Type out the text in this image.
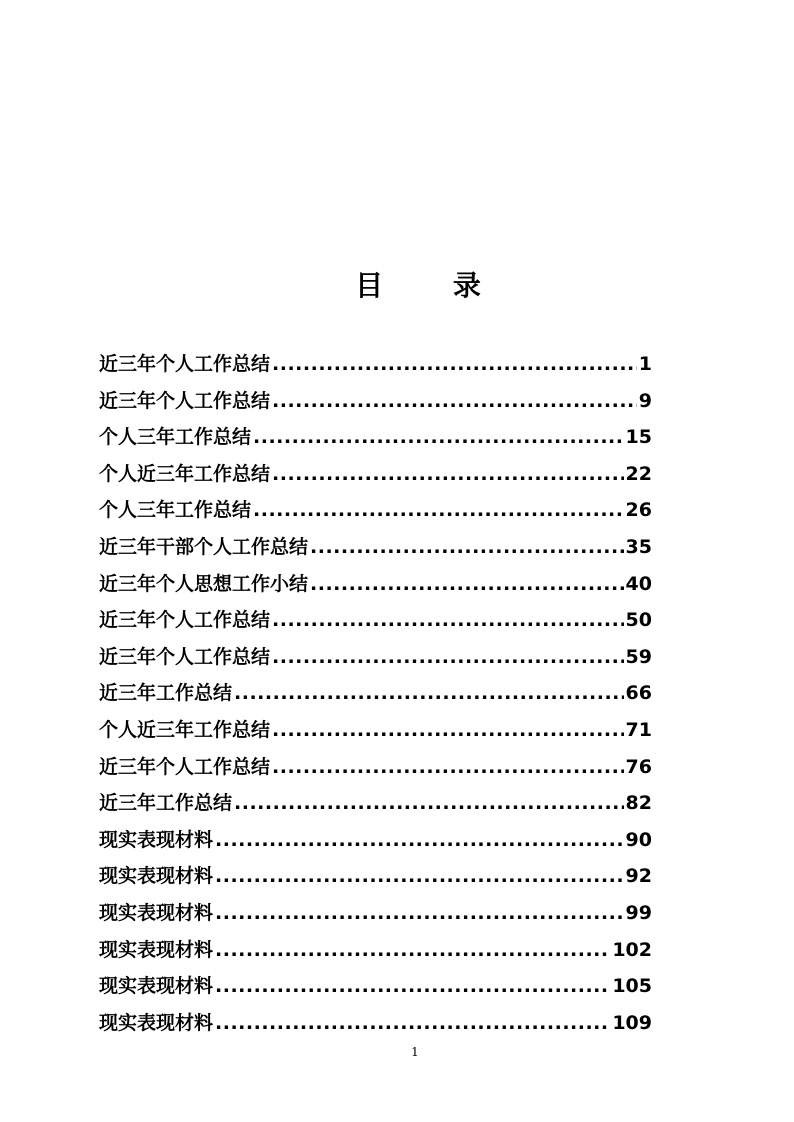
目 录
近三年个人工作总结 .....	1
近三年个人工作总结 .....	9
个人三年工作总结 .....	15
个人近三年工作总结 .....	22
个人三年工作总结 .....	26
近三年干部个人工作总结 .....	35
近三年个人思想工作小结 .....	40
近三年个人工作总结 .....	50
近三年个人工作总结 .....	59
近三年工作总结 .....	66
个人近三年工作总结 .....	71
近三年个人工作总结 .....	76
近三年工作总结 .....	82
现实表现材料 .....	90
现实表现材料 .....	92
现实表现材料 .....	99
现实表现材料 .....	102
现实表现材料 .....	105
现实表现材料 .....	109
1
